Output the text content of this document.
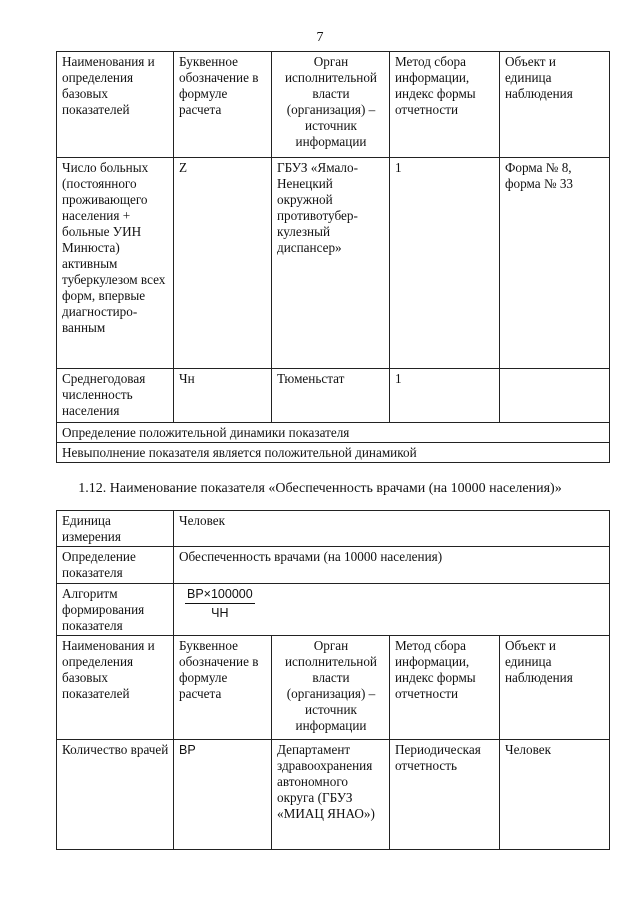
7
Наименования и определения базовых показателей	Буквенное обозначение в формуле расчета	Орган исполнительной власти (организация) – источник информации	Метод сбора информации, индекс формы отчетности	Объект и единица наблюдения
Число больных (постоянного проживающего населения + больные УИН Минюста) активным туберкулезом всех форм, впервые диагностиро-ванным	Z	ГБУЗ «Ямало-Ненецкий окружной противотубер-кулезный диспансер»	1	Форма № 8, форма № 33
Среднегодовая численность населения	Чн	Тюменьстат	1	
Определение положительной динамики показателя				
Невыполнение показателя является положительной динамикой				
1.12. Наименование показателя «Обеспеченность врачами (на 10000 населения)»
Единица измерения	Человек			
Определение показателя	Обеспеченность врачами (на 10000 населения)			
Алгоритм формирования показателя	$\frac{ВР\times 100000}{ЧН}$

Наименования и определения базовых показателей	Буквенное обозначение в формуле расчета	Орган исполнительной власти (организация) – источник информации	Метод сбора информации, индекс формы отчетности	Объект и единица наблюдения
Количество врачей	ВР	Департамент здравоохранения автономного округа (ГБУЗ «МИАЦ ЯНАО»)	Периодическая отчетность	Человек
